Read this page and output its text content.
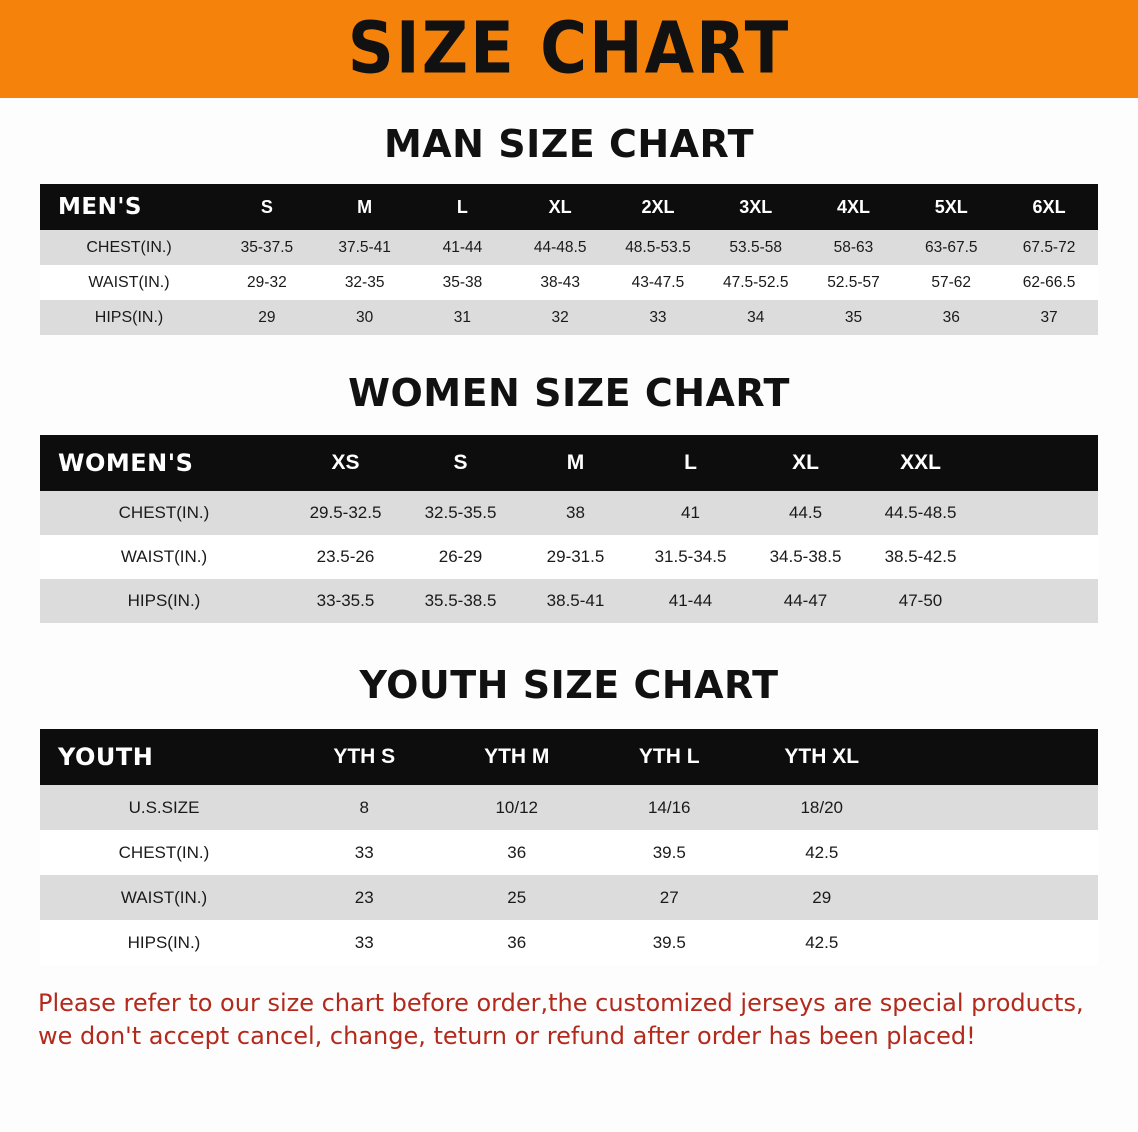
SIZE CHART
MAN SIZE CHART
MEN'S	S	M	L	XL	2XL	3XL	4XL	5XL	6XL
CHEST(IN.)	35-37.5	37.5-41	41-44	44-48.5	48.5-53.5	53.5-58	58-63	63-67.5	67.5-72
WAIST(IN.)	29-32	32-35	35-38	38-43	43-47.5	47.5-52.5	52.5-57	57-62	62-66.5
HIPS(IN.)	29	30	31	32	33	34	35	36	37
WOMEN SIZE CHART
WOMEN'S	XS	S	M	L	XL	XXL	
CHEST(IN.)	29.5-32.5	32.5-35.5	38	41	44.5	44.5-48.5	
WAIST(IN.)	23.5-26	26-29	29-31.5	31.5-34.5	34.5-38.5	38.5-42.5	
HIPS(IN.)	33-35.5	35.5-38.5	38.5-41	41-44	44-47	47-50	
YOUTH SIZE CHART
YOUTH	YTH S	YTH M	YTH L	YTH XL	
U.S.SIZE	8	10/12	14/16	18/20	
CHEST(IN.)	33	36	39.5	42.5	
WAIST(IN.)	23	25	27	29	
HIPS(IN.)	33	36	39.5	42.5	
Please refer to our size chart before order,the customized jerseys are special products,
we don't accept cancel, change, teturn or refund after order has been placed!
